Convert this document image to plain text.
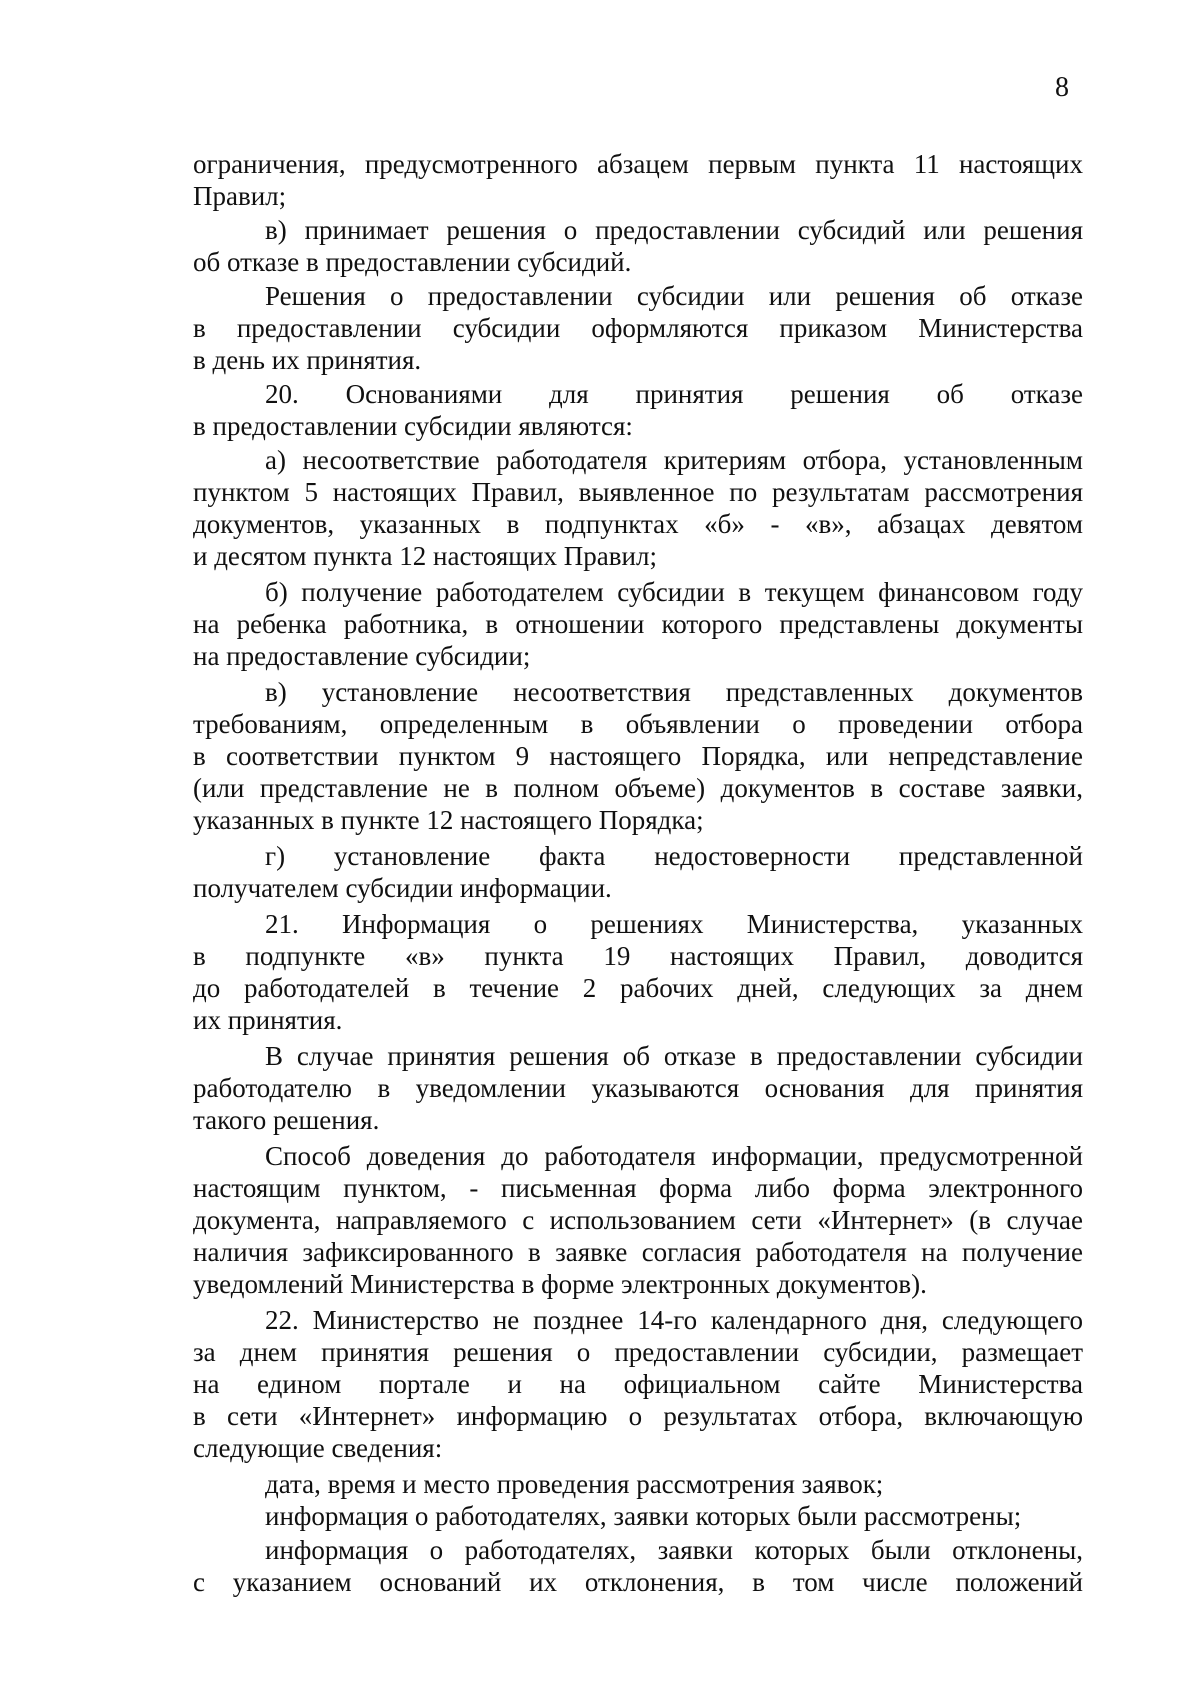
8
ограничения, предусмотренного абзацем первым пункта 11 настоящих
Правил;
в) принимает решения о предоставлении субсидий или решения
об отказе в предоставлении субсидий.
Решения о предоставлении субсидии или решения об отказе
в предоставлении субсидии оформляются приказом Министерства
в день их принятия.
20. Основаниями для принятия решения об отказе
в предоставлении субсидии являются:
а) несоответствие работодателя критериям отбора, установленным
пунктом 5 настоящих Правил, выявленное по результатам рассмотрения
документов, указанных в подпунктах «б» - «в», абзацах девятом
и десятом пункта 12 настоящих Правил;
б) получение работодателем субсидии в текущем финансовом году
на ребенка работника, в отношении которого представлены документы
на предоставление субсидии;
в) установление несоответствия представленных документов
требованиям, определенным в объявлении о проведении отбора
в соответствии пунктом 9 настоящего Порядка, или непредставление
(или представление не в полном объеме) документов в составе заявки,
указанных в пункте 12 настоящего Порядка;
г) установление факта недостоверности представленной
получателем субсидии информации.
21. Информация о решениях Министерства, указанных
в подпункте «в» пункта 19 настоящих Правил, доводится
до работодателей в течение 2 рабочих дней, следующих за днем
их принятия.
В случае принятия решения об отказе в предоставлении субсидии
работодателю в уведомлении указываются основания для принятия
такого решения.
Способ доведения до работодателя информации, предусмотренной
настоящим пунктом, - письменная форма либо форма электронного
документа, направляемого с использованием сети «Интернет» (в случае
наличия зафиксированного в заявке согласия работодателя на получение
уведомлений Министерства в форме электронных документов).
22. Министерство не позднее 14-го календарного дня, следующего
за днем принятия решения о предоставлении субсидии, размещает
на едином портале и на официальном сайте Министерства
в сети «Интернет» информацию о результатах отбора, включающую
следующие сведения:
дата, время и место проведения рассмотрения заявок;
информация о работодателях, заявки которых были рассмотрены;
информация о работодателях, заявки которых были отклонены,
с указанием оснований их отклонения, в том числе положений
